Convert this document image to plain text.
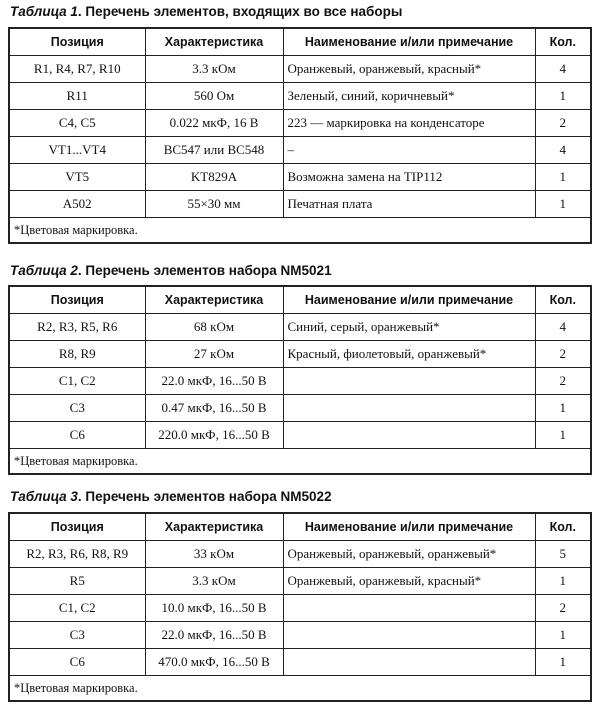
Таблица 1. Перечень элементов, входящих во все наборы
Позиция	Характеристика	Наименование и/или примечание	Кол.
R1, R4, R7, R10	3.3 кОм	Оранжевый, оранжевый, красный*	4
R11	560 Ом	Зеленый, синий, коричневый*	1
C4, C5	0.022 мкФ, 16 В	223 — маркировка на конденсаторе	2
VT1...VT4	BC547 или BC548	–	4
VT5	KT829A	Возможна замена на TIP112	1
A502	55×30 мм	Печатная плата	1
*Цветовая маркировка.			
Таблица 2. Перечень элементов набора NM5021
Позиция	Характеристика	Наименование и/или примечание	Кол.
R2, R3, R5, R6	68 кОм	Синий, серый, оранжевый*	4
R8, R9	27 кОм	Красный, фиолетовый, оранжевый*	2
C1, C2	22.0 мкФ, 16...50 В		2
C3	0.47 мкФ, 16...50 В		1
C6	220.0 мкФ, 16...50 В		1
*Цветовая маркировка.			
Таблица 3. Перечень элементов набора NM5022
Позиция	Характеристика	Наименование и/или примечание	Кол.
R2, R3, R6, R8, R9	33 кОм	Оранжевый, оранжевый, оранжевый*	5
R5	3.3 кОм	Оранжевый, оранжевый, красный*	1
C1, C2	10.0 мкФ, 16...50 В		2
C3	22.0 мкФ, 16...50 В		1
C6	470.0 мкФ, 16...50 В		1
*Цветовая маркировка.			
